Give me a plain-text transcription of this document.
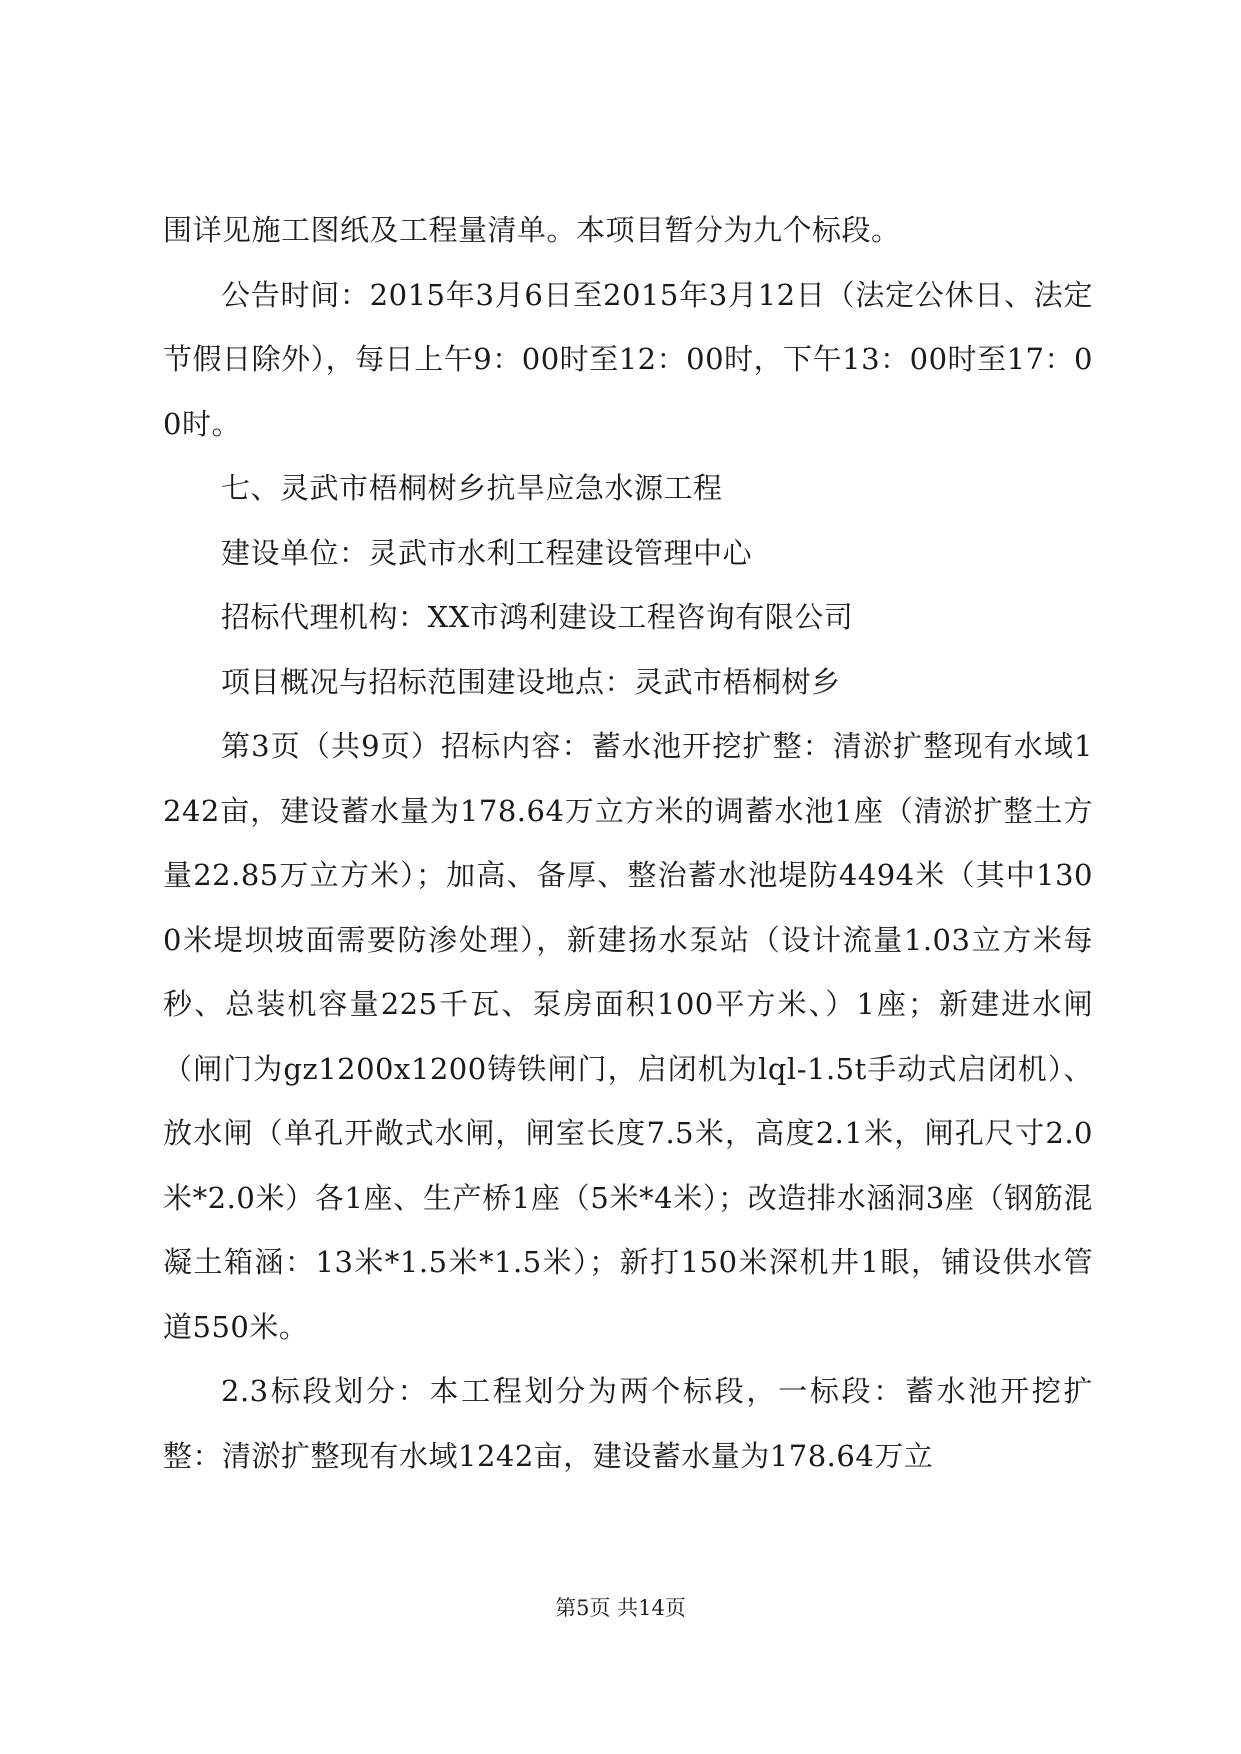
围详见施工图纸及工程量清单。本项目暂分为九个标段。

公告时间：2015年3月6日至2015年3月12日（法定公休日、法定节假日除外），每日上午9：00时至12：00时，下午13：00时至17：00时。

七、灵武市梧桐树乡抗旱应急水源工程

建设单位：灵武市水利工程建设管理中心

招标代理机构：XX市鸿利建设工程咨询有限公司

项目概况与招标范围建设地点：灵武市梧桐树乡

第3页（共9页）招标内容：蓄水池开挖扩整：清淤扩整现有水域1242亩，建设蓄水量为178.64万立方米的调蓄水池1座（清淤扩整土方量22.85万立方米）；加高、备厚、整治蓄水池堤防4494米（其中1300米堤坝坡面需要防渗处理），新建扬水泵站（设计流量1.03立方米每秒、总装机容量225千瓦、泵房面积100平方米、）1座；新建进水闸（闸门为gz1200x1200铸铁闸门，启闭机为lql-1.5t手动式启闭机）、放水闸（单孔开敞式水闸，闸室长度7.5米，高度2.1米，闸孔尺寸2.0米*2.0米）各1座、生产桥1座（5米*4米）；改造排水涵洞3座（钢筋混凝土箱涵：13米*1.5米*1.5米）；新打150米深机井1眼，铺设供水管道550米。

2.3标段划分：本工程划分为两个标段，一标段：蓄水池开挖扩整：清淤扩整现有水域1242亩，建设蓄水量为178.64万立

第5页 共14页
